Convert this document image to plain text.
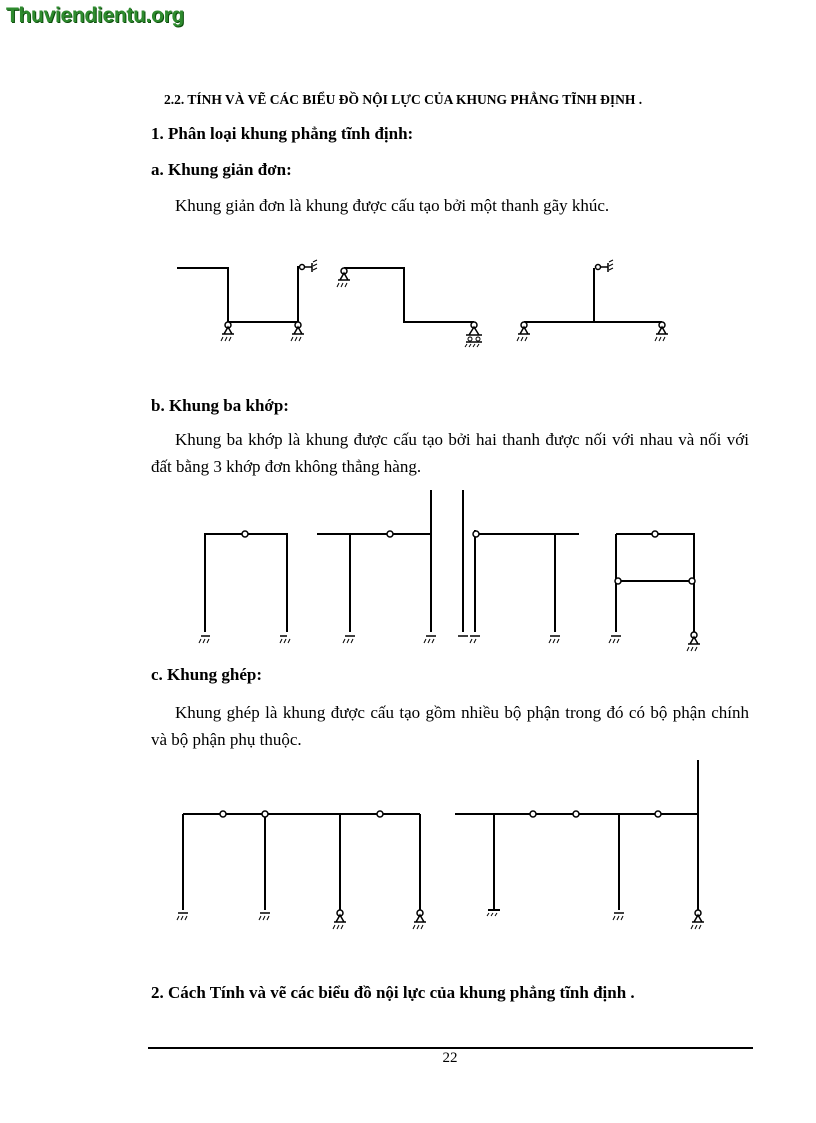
Thuviendientu.org
2.2. TÍNH VÀ VẼ CÁC BIỂU ĐỒ NỘI LỰC CỦA KHUNG PHẲNG TĨNH ĐỊNH .
1. Phân loại khung phẳng tĩnh định:
a. Khung giản đơn:
Khung giản đơn là khung được cấu tạo bởi một thanh gãy khúc.
b. Khung ba khớp:
Khung ba khớp là khung được cấu tạo bởi hai thanh được nối với nhau và nối với đất bằng 3 khớp đơn không thẳng hàng.
c. Khung ghép:
Khung ghép là khung được cấu tạo gồm nhiều bộ phận trong đó có bộ phận chính và bộ phận phụ thuộc.
2. Cách Tính và vẽ các biểu đồ nội lực của khung phẳng tĩnh định .
22
